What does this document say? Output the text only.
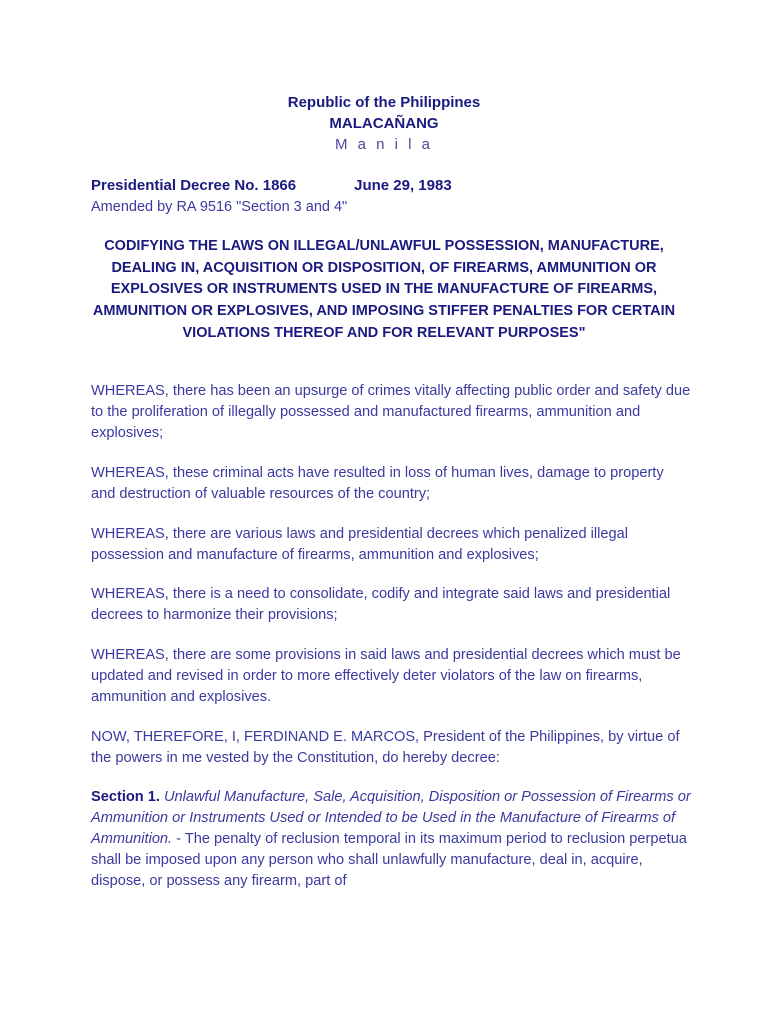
Republic of the Philippines
MALACAÑANG
M a n i l a
Presidential Decree No. 1866	June 29, 1983
Amended by RA 9516 "Section 3 and 4"
CODIFYING THE LAWS ON ILLEGAL/UNLAWFUL POSSESSION, MANUFACTURE, DEALING IN, ACQUISITION OR DISPOSITION, OF FIREARMS, AMMUNITION OR EXPLOSIVES OR INSTRUMENTS USED IN THE MANUFACTURE OF FIREARMS, AMMUNITION OR EXPLOSIVES, AND IMPOSING STIFFER PENALTIES FOR CERTAIN VIOLATIONS THEREOF AND FOR RELEVANT PURPOSES"
WHEREAS, there has been an upsurge of crimes vitally affecting public order and safety due to the proliferation of illegally possessed and manufactured firearms, ammunition and explosives;
WHEREAS, these criminal acts have resulted in loss of human lives, damage to property and destruction of valuable resources of the country;
WHEREAS, there are various laws and presidential decrees which penalized illegal possession and manufacture of firearms, ammunition and explosives;
WHEREAS, there is a need to consolidate, codify and integrate said laws and presidential decrees to harmonize their provisions;
WHEREAS, there are some provisions in said laws and presidential decrees which must be updated and revised in order to more effectively deter violators of the law on firearms, ammunition and explosives.
NOW, THEREFORE, I, FERDINAND E. MARCOS, President of the Philippines, by virtue of the powers in me vested by the Constitution, do hereby decree:
Section 1. Unlawful Manufacture, Sale, Acquisition, Disposition or Possession of Firearms or Ammunition or Instruments Used or Intended to be Used in the Manufacture of Firearms of Ammunition. - The penalty of reclusion temporal in its maximum period to reclusion perpetua shall be imposed upon any person who shall unlawfully manufacture, deal in, acquire, dispose, or possess any firearm, part of
